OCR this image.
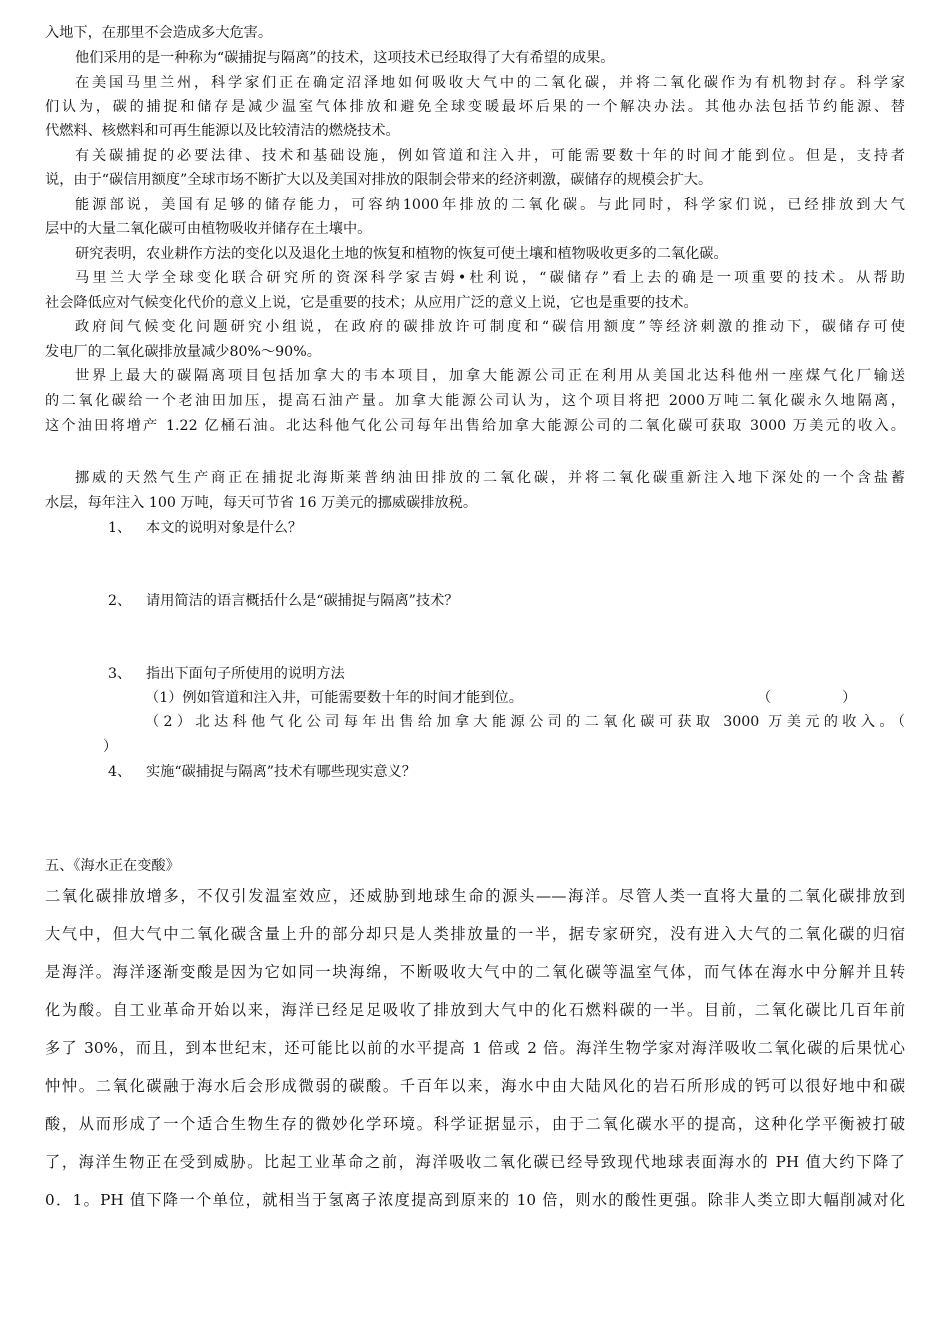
入地下，在那里不会造成多大危害。
他们采用的是一种称为“碳捕捉与隔离”的技术，这项技术已经取得了大有希望的成果。
在美国马里兰州，科学家们正在确定沼泽地如何吸收大气中的二氧化碳，并将二氧化碳作为有机物封存。科学家
们认为，碳的捕捉和储存是减少温室气体排放和避免全球变暖最坏后果的一个解决办法。其他办法包括节约能源、替
代燃料、核燃料和可再生能源以及比较清洁的燃烧技术。
有关碳捕捉的必要法律、技术和基础设施，例如管道和注入井，可能需要数十年的时间才能到位。但是，支持者
说，由于“碳信用额度”全球市场不断扩大以及美国对排放的限制会带来的经济刺激，碳储存的规模会扩大。
能源部说，美国有足够的储存能力，可容纳1000年排放的二氧化碳。与此同时，科学家们说，已经排放到大气
层中的大量二氧化碳可由植物吸收并储存在土壤中。
研究表明，农业耕作方法的变化以及退化土地的恢复和植物的恢复可使土壤和植物吸收更多的二氧化碳。
马里兰大学全球变化联合研究所的资深科学家吉姆•杜利说，“碳储存”看上去的确是一项重要的技术。从帮助
社会降低应对气候变化代价的意义上说，它是重要的技术；从应用广泛的意义上说，它也是重要的技术。
政府间气候变化问题研究小组说，在政府的碳排放许可制度和“碳信用额度”等经济刺激的推动下，碳储存可使
发电厂的二氧化碳排放量减少80%～90%。
世界上最大的碳隔离项目包括加拿大的韦本项目，加拿大能源公司正在利用从美国北达科他州一座煤气化厂输送
的二氧化碳给一个老油田加压，提高石油产量。加拿大能源公司认为，这个项目将把 2000万吨二氧化碳永久地隔离，
这个油田将增产 1.22 亿桶石油。北达科他气化公司每年出售给加拿大能源公司的二氧化碳可获取 3000 万美元的收入。
挪威的天然气生产商正在捕捉北海斯莱普纳油田排放的二氧化碳，并将二氧化碳重新注入地下深处的一个含盐蓄
水层，每年注入 100 万吨，每天可节省 16 万美元的挪威碳排放税。
1、 本文的说明对象是什么？
2、 请用简洁的语言概括什么是“碳捕捉与隔离”技术？
3、 指出下面句子所使用的说明方法
（1）例如管道和注入井，可能需要数十年的时间才能到位。	（　　　　　）
（2）北达科他气化公司每年出售给加拿大能源公司的二氧化碳可获取 3000 万美元的收入。（
）
4、 实施“碳捕捉与隔离”技术有哪些现实意义？
五、《海水正在变酸》
二氧化碳排放增多，不仅引发温室效应，还威胁到地球生命的源头——海洋。尽管人类一直将大量的二氧化碳排放到
大气中，但大气中二氧化碳含量上升的部分却只是人类排放量的一半，据专家研究，没有进入大气的二氧化碳的归宿
是海洋。海洋逐渐变酸是因为它如同一块海绵，不断吸收大气中的二氧化碳等温室气体，而气体在海水中分解并且转
化为酸。自工业革命开始以来，海洋已经足足吸收了排放到大气中的化石燃料碳的一半。目前，二氧化碳比几百年前
多了 30%，而且，到本世纪末，还可能比以前的水平提高 1 倍或 2 倍。海洋生物学家对海洋吸收二氧化碳的后果忧心
忡忡。二氧化碳融于海水后会形成微弱的碳酸。千百年以来，海水中由大陆风化的岩石所形成的钙可以很好地中和碳
酸，从而形成了一个适合生物生存的微妙化学环境。科学证据显示，由于二氧化碳水平的提高，这种化学平衡被打破
了，海洋生物正在受到威胁。比起工业革命之前，海洋吸收二氧化碳已经导致现代地球表面海水的 PH 值大约下降了
0．1。PH 值下降一个单位，就相当于氢离子浓度提高到原来的 10 倍，则水的酸性更强。除非人类立即大幅削减对化
